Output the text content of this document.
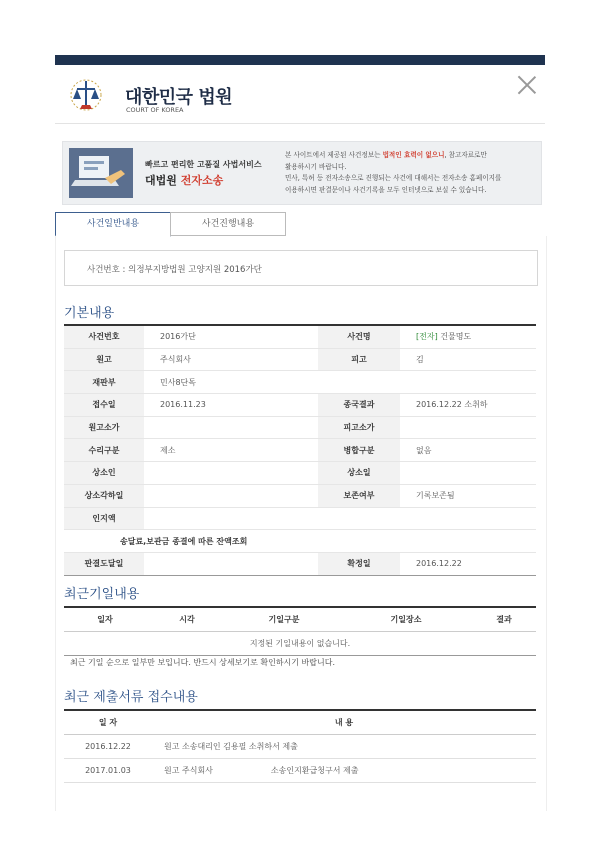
대한민국 법원
COURT OF KOREA
빠르고 편리한 고품질 사법서비스
대법원 전자소송
본 사이트에서 제공된 사건정보는 법적인 효력이 없으니, 참고자료로만
활용하시기 바랍니다.
민사, 특허 등 전자소송으로 진행되는 사건에 대해서는 전자소송 홈페이지를
이용하시면 판결문이나 사건기록을 모두 인터넷으로 보실 수 있습니다.
사건일반내용	사건진행내용
사건번호 : 의정부지방법원 고양지원 2016가단
기본내용
사건번호	2016가단	사건명	[전자] 건물명도
원고	주식회사	피고	김
재판부	민사8단독		
접수일	2016.11.23	종국결과	2016.12.22 소취하
원고소가		피고소가	
수리구분	제소	병합구분	없음
상소인		상소일	
상소각하일		보존여부	기록보존됨
인지액			
송달료,보관금 종결에 따른 잔액조회			
판결도달일		확정일	2016.12.22
최근기일내용
일자	시각	기일구분	기일장소	결과
지정된 기일내용이 없습니다.
최근 기일 순으로 일부만 보입니다. 반드시 상세보기로 확인하시기 바랍니다.
최근 제출서류 접수내용
일 자	내 용
2016.12.22	원고 소송대리인 김용필 소취하서 제출
2017.01.03	원고 주식회사 소송인지환급청구서 제출
